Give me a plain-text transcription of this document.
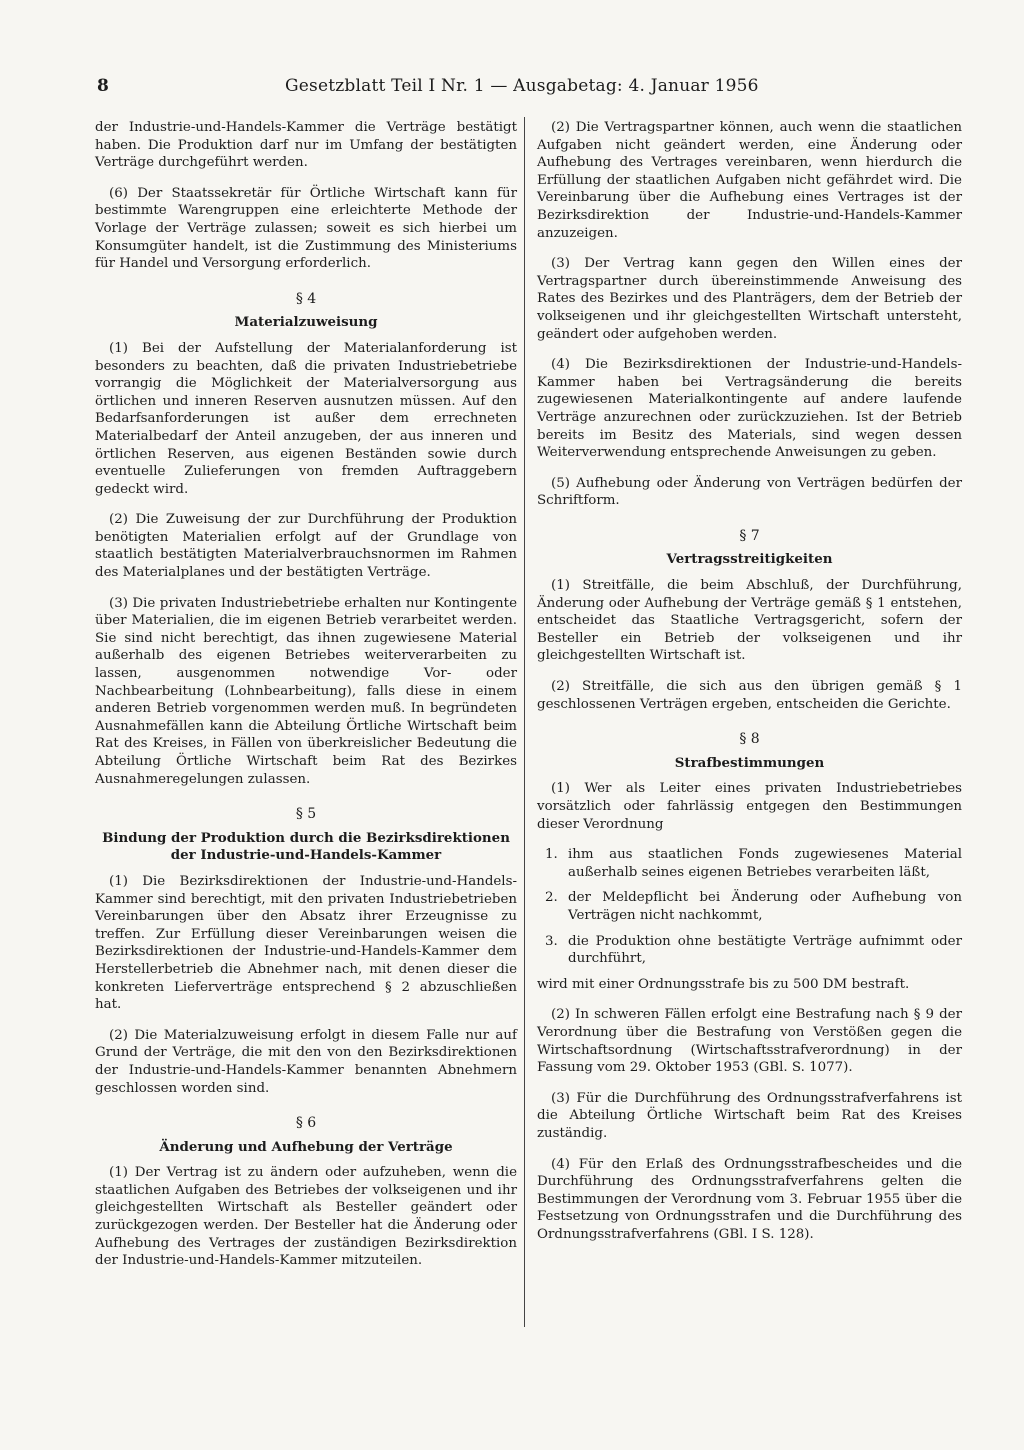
8	Gesetzblatt Teil I Nr. 1 — Ausgabetag: 4. Januar 1956

der Industrie-und-Handels-Kammer die Verträge bestätigt haben. Die Produktion darf nur im Umfang der bestätigten Verträge durchgeführt werden.

(6) Der Staatssekretär für Örtliche Wirtschaft kann für bestimmte Warengruppen eine erleichterte Methode der Vorlage der Verträge zulassen; soweit es sich hierbei um Konsumgüter handelt, ist die Zustimmung des Ministeriums für Handel und Versorgung erforderlich.

§ 4
Materialzuweisung

(1) Bei der Aufstellung der Materialanforderung ist besonders zu beachten, daß die privaten Industriebetriebe vorrangig die Möglichkeit der Materialversorgung aus örtlichen und inneren Reserven ausnutzen müssen. Auf den Bedarfsanforderungen ist außer dem errechneten Materialbedarf der Anteil anzugeben, der aus inneren und örtlichen Reserven, aus eigenen Beständen sowie durch eventuelle Zulieferungen von fremden Auftraggebern gedeckt wird.

(2) Die Zuweisung der zur Durchführung der Produktion benötigten Materialien erfolgt auf der Grundlage von staatlich bestätigten Materialverbrauchsnormen im Rahmen des Materialplanes und der bestätigten Verträge.

(3) Die privaten Industriebetriebe erhalten nur Kontingente über Materialien, die im eigenen Betrieb verarbeitet werden. Sie sind nicht berechtigt, das ihnen zugewiesene Material außerhalb des eigenen Betriebes weiterverarbeiten zu lassen, ausgenommen notwendige Vor- oder Nachbearbeitung (Lohnbearbeitung), falls diese in einem anderen Betrieb vorgenommen werden muß. In begründeten Ausnahmefällen kann die Abteilung Örtliche Wirtschaft beim Rat des Kreises, in Fällen von überkreislicher Bedeutung die Abteilung Örtliche Wirtschaft beim Rat des Bezirkes Ausnahmeregelungen zulassen.

§ 5
Bindung der Produktion durch die Bezirksdirektionen der Industrie-und-Handels-Kammer

(1) Die Bezirksdirektionen der Industrie-und-Handels-Kammer sind berechtigt, mit den privaten Industriebetrieben Vereinbarungen über den Absatz ihrer Erzeugnisse zu treffen. Zur Erfüllung dieser Vereinbarungen weisen die Bezirksdirektionen der Industrie-und-Handels-Kammer dem Herstellerbetrieb die Abnehmer nach, mit denen dieser die konkreten Lieferverträge entsprechend § 2 abzuschließen hat.

(2) Die Materialzuweisung erfolgt in diesem Falle nur auf Grund der Verträge, die mit den von den Bezirksdirektionen der Industrie-und-Handels-Kammer benannten Abnehmern geschlossen worden sind.

§ 6
Änderung und Aufhebung der Verträge

(1) Der Vertrag ist zu ändern oder aufzuheben, wenn die staatlichen Aufgaben des Betriebes der volkseigenen und ihr gleichgestellten Wirtschaft als Besteller geändert oder zurückgezogen werden. Der Besteller hat die Änderung oder Aufhebung des Vertrages der zuständigen Bezirksdirektion der Industrie-und-Handels-Kammer mitzuteilen.

(2) Die Vertragspartner können, auch wenn die staatlichen Aufgaben nicht geändert werden, eine Änderung oder Aufhebung des Vertrages vereinbaren, wenn hierdurch die Erfüllung der staatlichen Aufgaben nicht gefährdet wird. Die Vereinbarung über die Aufhebung eines Vertrages ist der Bezirksdirektion der Industrie-und-Handels-Kammer anzuzeigen.

(3) Der Vertrag kann gegen den Willen eines der Vertragspartner durch übereinstimmende Anweisung des Rates des Bezirkes und des Planträgers, dem der Betrieb der volkseigenen und ihr gleichgestellten Wirtschaft untersteht, geändert oder aufgehoben werden.

(4) Die Bezirksdirektionen der Industrie-und-Handels-Kammer haben bei Vertragsänderung die bereits zugewiesenen Materialkontingente auf andere laufende Verträge anzurechnen oder zurückzuziehen. Ist der Betrieb bereits im Besitz des Materials, sind wegen dessen Weiterverwendung entsprechende Anweisungen zu geben.

(5) Aufhebung oder Änderung von Verträgen bedürfen der Schriftform.

§ 7
Vertragsstreitigkeiten

(1) Streitfälle, die beim Abschluß, der Durchführung, Änderung oder Aufhebung der Verträge gemäß § 1 entstehen, entscheidet das Staatliche Vertragsgericht, sofern der Besteller ein Betrieb der volkseigenen und ihr gleichgestellten Wirtschaft ist.

(2) Streitfälle, die sich aus den übrigen gemäß § 1 geschlossenen Verträgen ergeben, entscheiden die Gerichte.

§ 8
Strafbestimmungen

(1) Wer als Leiter eines privaten Industriebetriebes vorsätzlich oder fahrlässig entgegen den Bestimmungen dieser Verordnung

1. ihm aus staatlichen Fonds zugewiesenes Material außerhalb seines eigenen Betriebes verarbeiten läßt,
2. der Meldepflicht bei Änderung oder Aufhebung von Verträgen nicht nachkommt,
3. die Produktion ohne bestätigte Verträge aufnimmt oder durchführt,

wird mit einer Ordnungsstrafe bis zu 500 DM bestraft.

(2) In schweren Fällen erfolgt eine Bestrafung nach § 9 der Verordnung über die Bestrafung von Verstößen gegen die Wirtschaftsordnung (Wirtschaftsstrafverordnung) in der Fassung vom 29. Oktober 1953 (GBl. S. 1077).

(3) Für die Durchführung des Ordnungsstrafverfahrens ist die Abteilung Örtliche Wirtschaft beim Rat des Kreises zuständig.

(4) Für den Erlaß des Ordnungsstrafbescheides und die Durchführung des Ordnungsstrafverfahrens gelten die Bestimmungen der Verordnung vom 3. Februar 1955 über die Festsetzung von Ordnungsstrafen und die Durchführung des Ordnungsstrafverfahrens (GBl. I S. 128).
